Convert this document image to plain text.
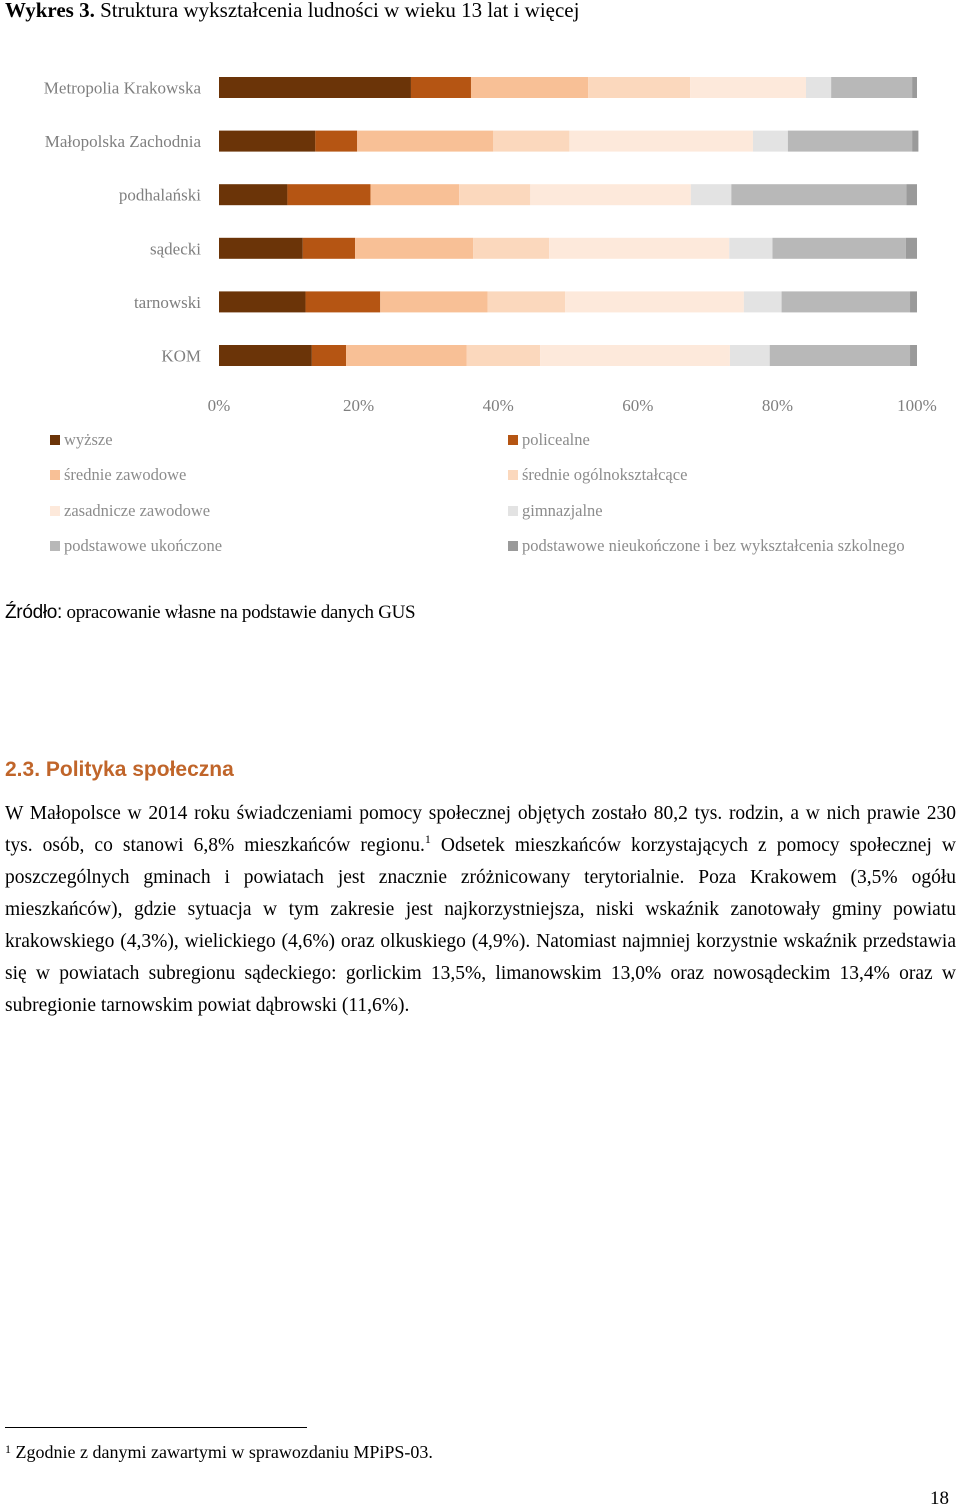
Wykres 3. Struktura wykształcenia ludności w wieku 13 lat i więcej
Metropolia Krakowska
Małopolska Zachodnia
podhalański
sądecki
tarnowski
KOM
0%	20%	40%	60%	80%	100%
wyższe	policealne
średnie zawodowe	średnie ogólnokształcące
zasadnicze zawodowe	gimnazjalne
podstawowe ukończone	podstawowe nieukończone i bez wykształcenia szkolnego
Źródło: opracowanie własne na podstawie danych GUS
2.3. Polityka społeczna
W Małopolsce w 2014 roku świadczeniami pomocy społecznej objętych zostało 80,2 tys. rodzin, a w nich prawie 230 tys. osób, co stanowi 6,8% mieszkańców regionu.$^1$ Odsetek mieszkańców korzystających z pomocy społecznej w poszczególnych gminach i powiatach jest znacznie zróżnicowany terytorialnie. Poza Krakowem (3,5% ogółu mieszkańców), gdzie sytuacja w tym zakresie jest najkorzystniejsza, niski wskaźnik zanotowały gminy powiatu krakowskiego (4,3%), wielickiego (4,6%) oraz olkuskiego (4,9%). Natomiast najmniej korzystnie wskaźnik przedstawia się w powiatach subregionu sądeckiego: gorlickim 13,5%, limanowskim 13,0% oraz nowosądeckim 13,4% oraz w subregionie tarnowskim powiat dąbrowski (11,6%).
$^1$ Zgodnie z danymi zawartymi w sprawozdaniu MPiPS-03.
18
